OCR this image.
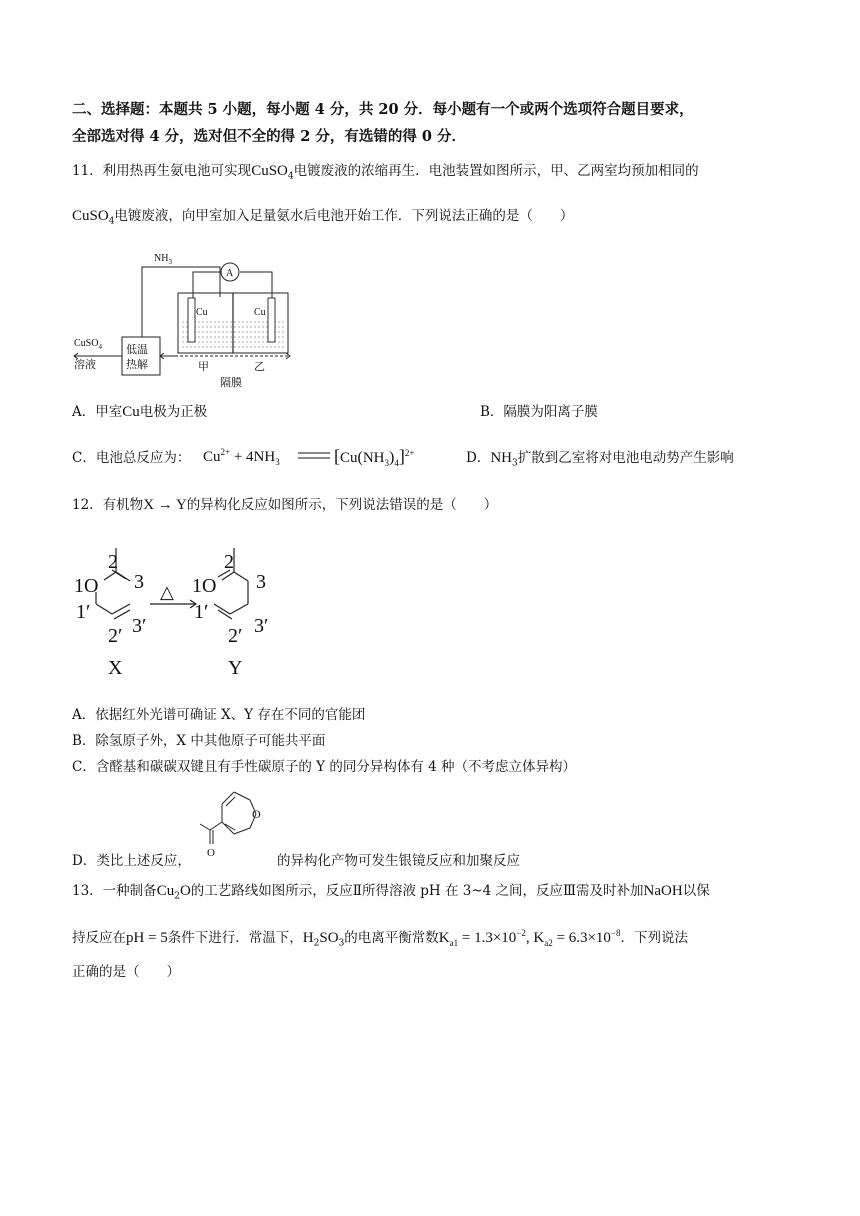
二、选择题：本题共 5 小题，每小题 4 分，共 20 分．每小题有一个或两个选项符合题目要求，
全部选对得 4 分，选对但不全的得 2 分，有选错的得 0 分．
11．利用热再生氨电池可实现CuSO$_4$电镀废液的浓缩再生．电池装置如图所示，甲、乙两室均预加相同的
CuSO$_4$电镀废液，向甲室加入足量氨水后电池开始工作．下列说法正确的是（　　）
$NH_3$
A
Cu	Cu
低温
热解
CuSO$_4$
溶液	甲	乙
隔膜
A．甲室Cu电极为正极	B．隔膜为阳离子膜
C．电池总反应为： $Cu^{2+} + 4NH_3$	$[Cu(NH_3)_4]^{2+}$	D．$NH_3$扩散到乙室将对电池电动势产生影响
12．有机物X → Y的异构化反应如图所示，下列说法错误的是（　　）
2
1O 3
1′
2′ 3′
X
△
2
1O 3
1′
2′ 3′
Y
A．依据红外光谱可确证 X、Y 存在不同的官能团
B．除氢原子外，X 中其他原子可能共平面
C．含醛基和碳碳双键且有手性碳原子的 Y 的同分异构体有 4 种（不考虑立体异构）
O
O
D．类比上述反应，	的异构化产物可发生银镜反应和加聚反应
13．一种制备$Cu_2O$的工艺路线如图所示，反应Ⅱ所得溶液 pH 在 3~4 之间，反应Ⅲ需及时补加NaOH以保
持反应在pH = 5条件下进行．常温下，$H_2SO_3$的电离平衡常数$K_{a1} = 1.3\times 10^{-2}$, $K_{a2} = 6.3\times 10^{-8}$．下列说法
正确的是（　　）
